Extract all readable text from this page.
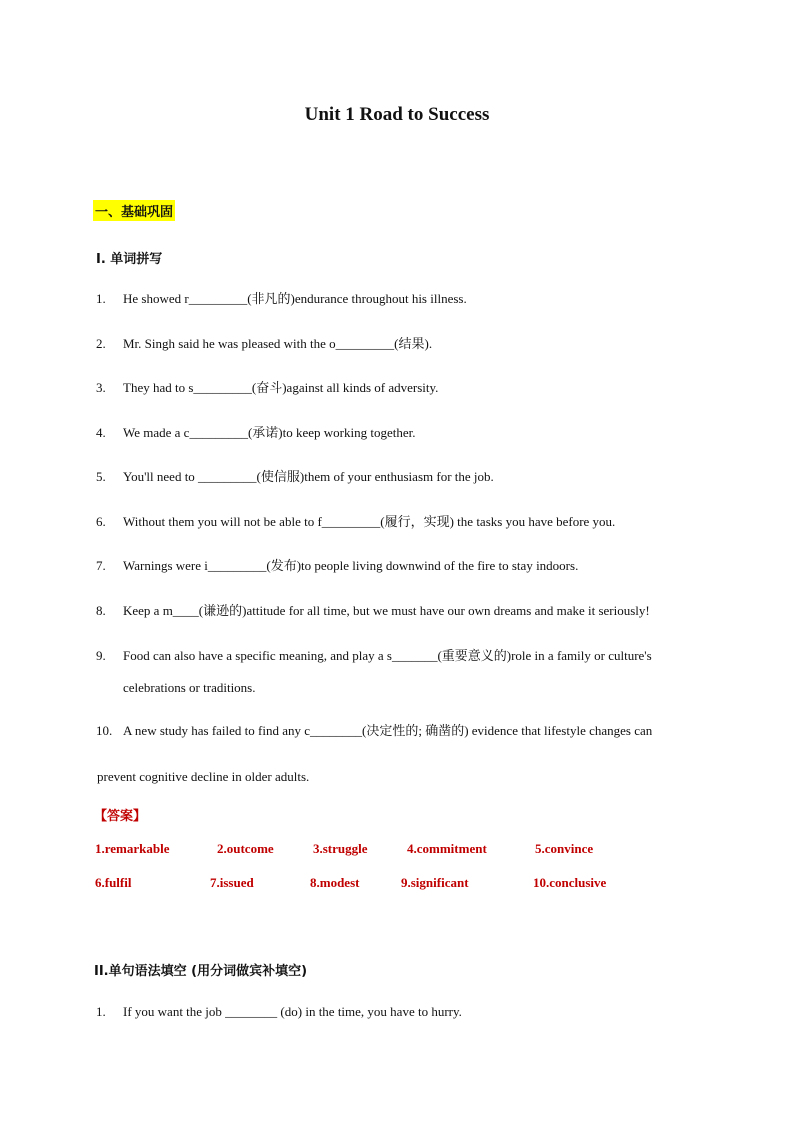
Unit 1 Road to Success
一、基础巩固
I. 单词拼写
1. He showed r_________(非凡的)endurance throughout his illness.
2. Mr. Singh said he was pleased with the o_________(结果).
3. They had to s_________(奋斗)against all kinds of adversity.
4. We made a c_________(承诺)to keep working together.
5. You'll need to _________(使信服)them of your enthusiasm for the job.
6. Without them you will not be able to f_________(履行，实现) the tasks you have before you.
7. Warnings were i_________(发布)to people living downwind of the fire to stay indoors.
8. Keep a m____(谦逊的)attitude for all time, but we must have our own dreams and make it seriously!
9. Food can also have a specific meaning, and play a s_______(重要意义的)role in a family or culture's
celebrations or traditions.
10. A new study has failed to find any c________(决定性的; 确凿的) evidence that lifestyle changes can
prevent cognitive decline in older adults.
【答案】
1.remarkable	2.outcome	3.struggle	4.commitment	5.convince
6.fulfil	7.issued	8.modest	9.significant	10.conclusive
II.单句语法填空 (用分词做宾补填空)
1. If you want the job ________ (do) in the time, you have to hurry.
